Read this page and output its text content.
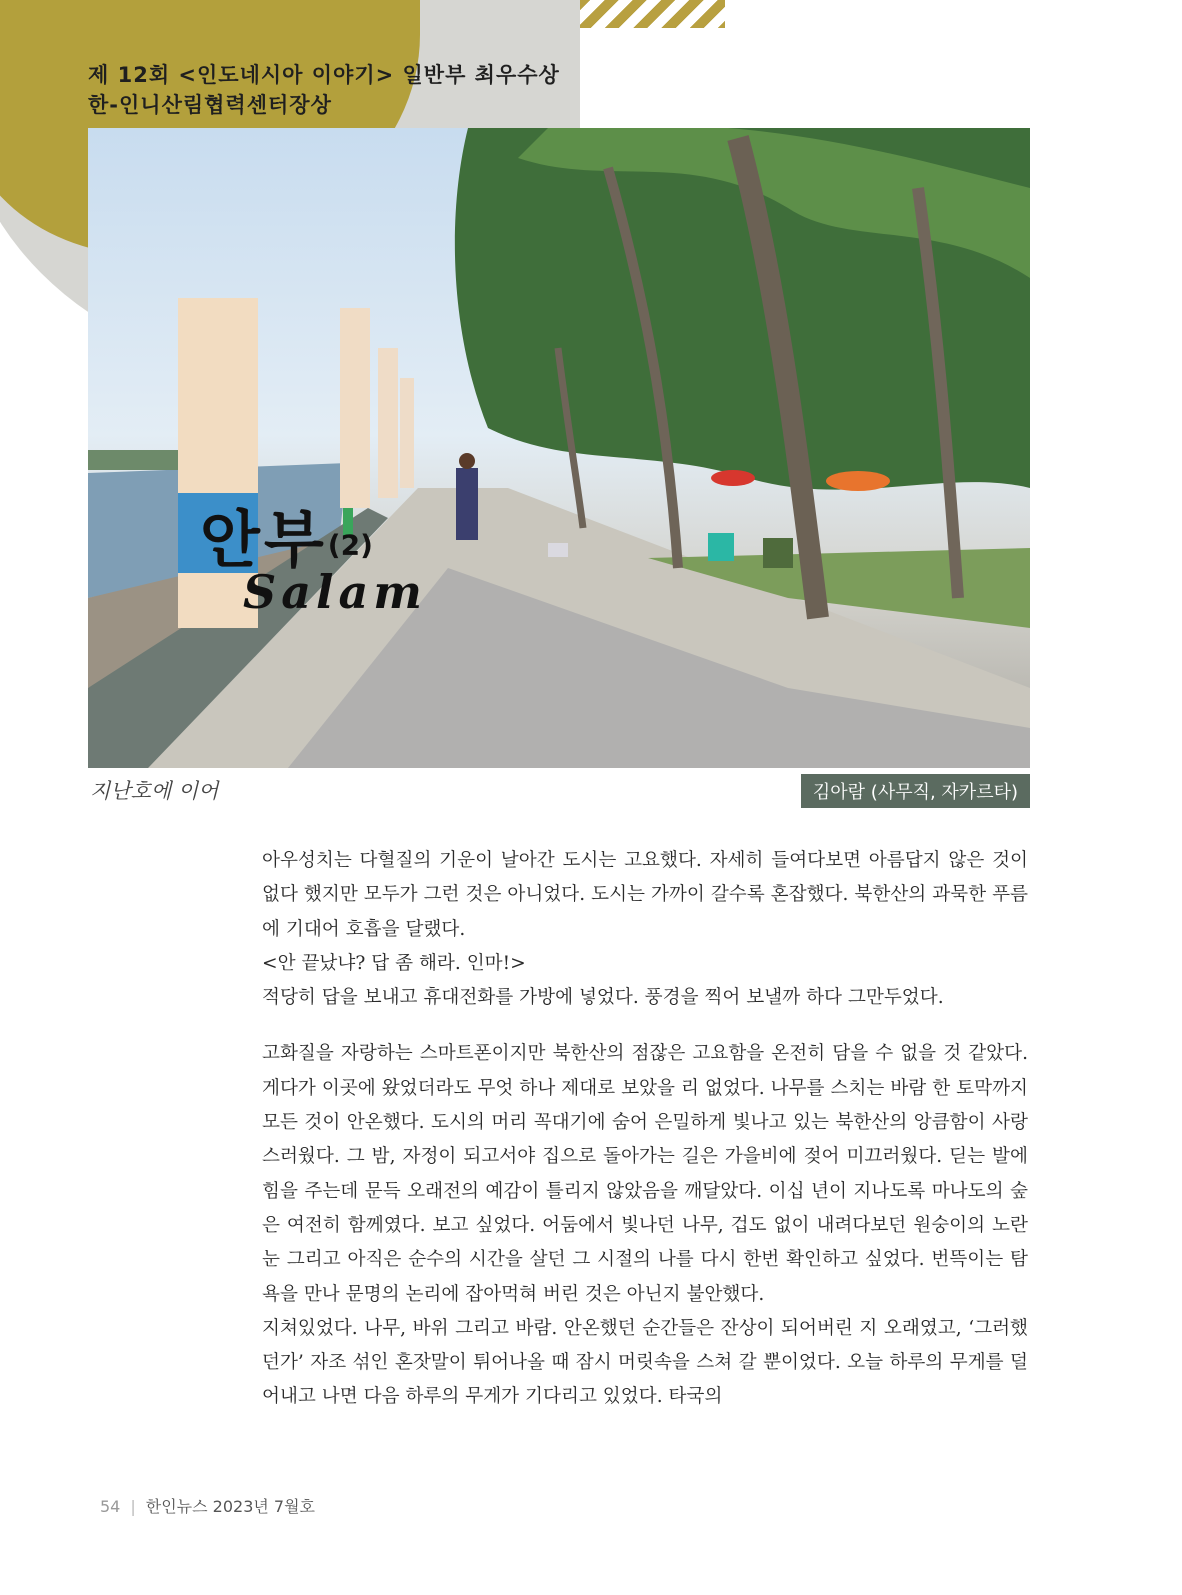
제 12회 <인도네시아 이야기> 일반부 최우수상
한-인니산림협력센터장상
안부(2)
Salam
지난호에 이어	김아람 (사무직, 자카르타)

아우성치는 다혈질의 기운이 날아간 도시는 고요했다. 자세히 들여다보면 아름답지 않은 것이 없다 했지만 모두가 그런 것은 아니었다. 도시는 가까이 갈수록 혼잡했다. 북한산의 과묵한 푸름에 기대어 호흡을 달랬다.

<안 끝났냐? 답 좀 해라. 인마!>

적당히 답을 보내고 휴대전화를 가방에 넣었다. 풍경을 찍어 보낼까 하다 그만두었다.

고화질을 자랑하는 스마트폰이지만 북한산의 점잖은 고요함을 온전히 담을 수 없을 것 같았다. 게다가 이곳에 왔었더라도 무엇 하나 제대로 보았을 리 없었다. 나무를 스치는 바람 한 토막까지 모든 것이 안온했다. 도시의 머리 꼭대기에 숨어 은밀하게 빛나고 있는 북한산의 앙큼함이 사랑스러웠다. 그 밤, 자정이 되고서야 집으로 돌아가는 길은 가을비에 젖어 미끄러웠다. 딛는 발에 힘을 주는데 문득 오래전의 예감이 틀리지 않았음을 깨달았다. 이십 년이 지나도록 마나도의 숲은 여전히 함께였다. 보고 싶었다. 어둠에서 빛나던 나무, 겁도 없이 내려다보던 원숭이의 노란 눈 그리고 아직은 순수의 시간을 살던 그 시절의 나를 다시 한번 확인하고 싶었다. 번뜩이는 탐욕을 만나 문명의 논리에 잡아먹혀 버린 것은 아닌지 불안했다.

지쳐있었다. 나무, 바위 그리고 바람. 안온했던 순간들은 잔상이 되어버린 지 오래였고, ‘그러했던가’ 자조 섞인 혼잣말이 튀어나올 때 잠시 머릿속을 스쳐 갈 뿐이었다. 오늘 하루의 무게를 덜어내고 나면 다음 하루의 무게가 기다리고 있었다. 타국의

54 | 한인뉴스 2023년 7월호
